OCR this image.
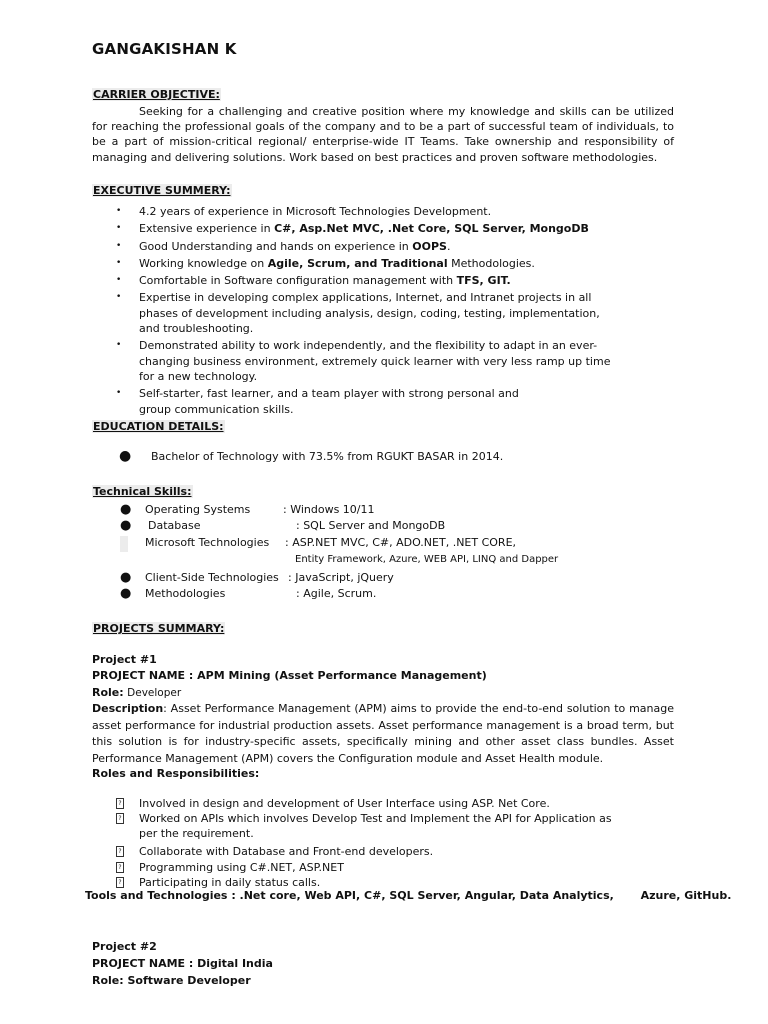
GANGAKISHAN K
CARRIER OBJECTIVE:
Seeking for a challenging and creative position where my knowledge and skills can be utilized for reaching the professional goals of the company and to be a part of successful team of individuals, to be a part of mission-critical regional/ enterprise-wide IT Teams. Take ownership and responsibility of managing and delivering solutions. Work based on best practices and proven software methodologies.
EXECUTIVE SUMMERY:
• 4.2 years of experience in Microsoft Technologies Development.
• Extensive experience in C#, Asp.Net MVC, .Net Core, SQL Server, MongoDB
• Good Understanding and hands on experience in OOPS.
• Working knowledge on Agile, Scrum, and Traditional Methodologies.
• Comfortable in Software configuration management with TFS, GIT.
• Expertise in developing complex applications, Internet, and Intranet projects in all phases of development including analysis, design, coding, testing, implementation, and troubleshooting.
• Demonstrated ability to work independently, and the flexibility to adapt in an ever-changing business environment, extremely quick learner with very less ramp up time for a new technology.
• Self-starter, fast learner, and a team player with strong personal and group communication skills.
EDUCATION DETAILS:
● Bachelor of Technology with 73.5% from RGUKT BASAR in 2014.
Technical Skills:
● Operating Systems	: Windows 10/11
● Database	: SQL Server and MongoDB
Microsoft Technologies : ASP.NET MVC, C#, ADO.NET, .NET CORE,
Entity Framework, Azure, WEB API, LINQ and Dapper
● Client-Side Technologies : JavaScript, jQuery
● Methodologies	: Agile, Scrum.
PROJECTS SUMMARY:
Project #1
PROJECT NAME : APM Mining (Asset Performance Management)
Role: Developer
Description: Asset Performance Management (APM) aims to provide the end-to-end solution to manage asset performance for industrial production assets. Asset performance management is a broad term, but this solution is for industry-specific assets, specifically mining and other asset class bundles. Asset Performance Management (APM) covers the Configuration module and Asset Health module.
Roles and Responsibilities:
? Involved in design and development of User Interface using ASP. Net Core.
? Worked on APIs which involves Develop Test and Implement the API for Application as
per the requirement.
? Collaborate with Database and Front-end developers.
? Programming using C#.NET, ASP.NET
? Participating in daily status calls.
Tools and Technologies : .Net core, Web API, C#, SQL Server, Angular, Data Analytics,       Azure, GitHub.
Project #2
PROJECT NAME : Digital India
Role: Software Developer
